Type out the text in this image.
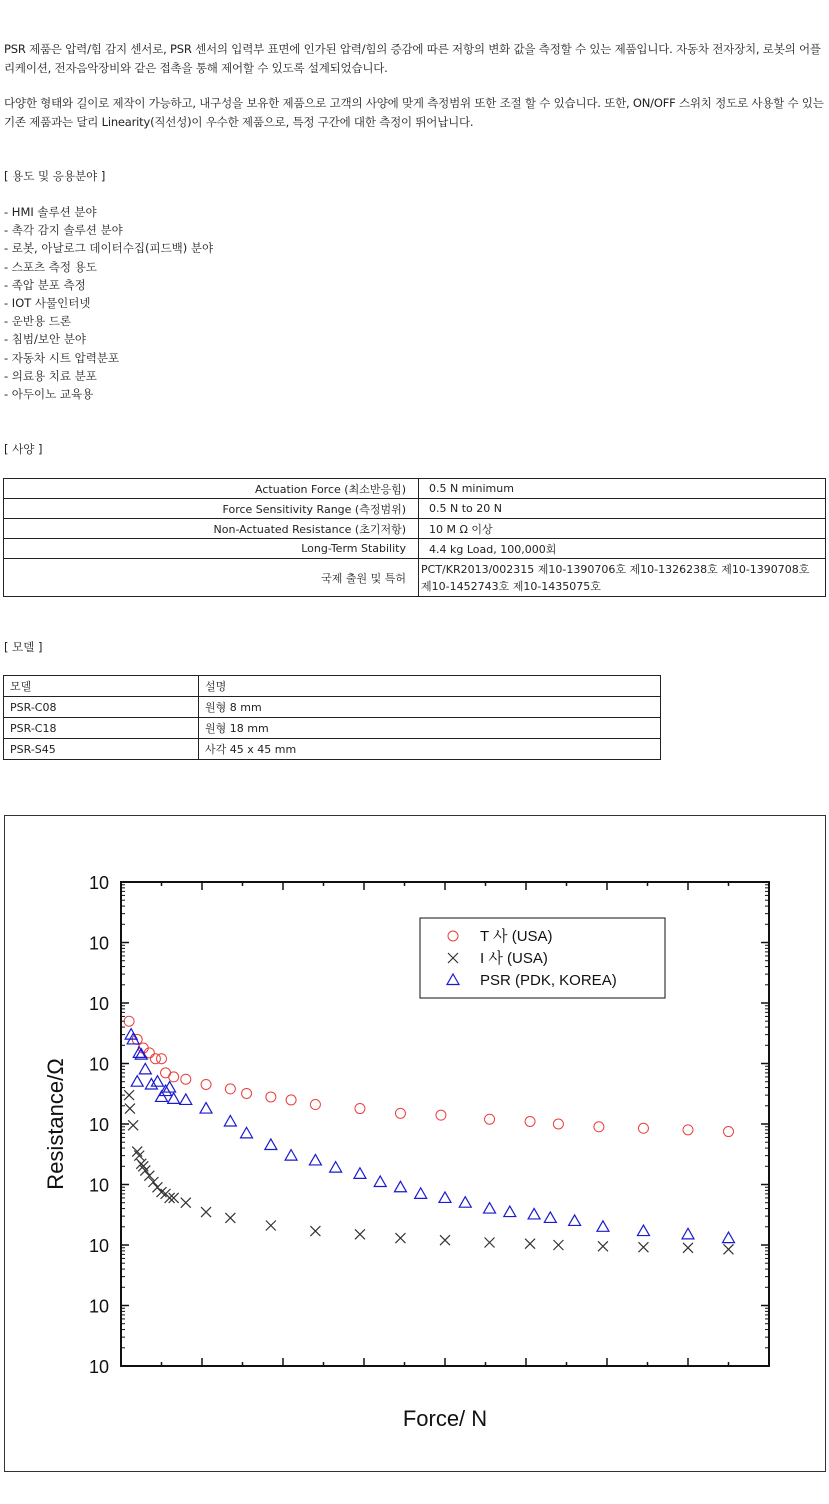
PSR 제품은 압력/힘 감지 센서로, PSR 센서의 입력부 표면에 인가된 압력/힘의 증감에 따른 저항의 변화 값을 측정할 수 있는 제품입니다. 자동차 전자장치, 로봇의 어플리케이션, 전자음악장비와 같은 접촉을 통해 제어할 수 있도록 설계되었습니다.
다양한 형태와 길이로 제작이 가능하고, 내구성을 보유한 제품으로 고객의 사양에 맞게 측정범위 또한 조절 할 수 있습니다. 또한, ON/OFF 스위치 정도로 사용할 수 있는 기존 제품과는 달리 Linearity(직선성)이 우수한 제품으로, 특정 구간에 대한 측정이 뛰어납니다.
[ 용도 및 응용분야 ]
- HMI 솔루션 분야
- 촉각 감지 솔루션 분야
- 로봇, 아날로그 데이터수집(피드백) 분야
- 스포츠 측정 용도
- 족압 분포 측정
- IOT 사물인터넷
- 운반용 드론
- 침범/보안 분야
- 자동차 시트 압력분포
- 의료용 치료 분포
- 아두이노 교육용
[ 사양 ]
Actuation Force (최소반응힘)	0.5 N minimum
Force Sensitivity Range (측정범위)	0.5 N to 20 N
Non-Actuated Resistance (초기저항)	10 M Ω 이상
Long-Term Stability	4.4 kg Load, 100,000회
국제 출원 및 특허	PCT/KR2013/002315 제10-1390706호 제10-1326238호 제10-1390708호 제10-1452743호 제10-1435075호
[ 모델 ]
모델	설명
PSR-C08	원형 8 mm
PSR-C18	원형 18 mm
PSR-S45	사각 45 x 45 mm
10
10
10
10
10
10
10
10
10
Force/ N
Resistance/Ω
T 사 (USA)
I 사 (USA)
PSR (PDK, KOREA)
